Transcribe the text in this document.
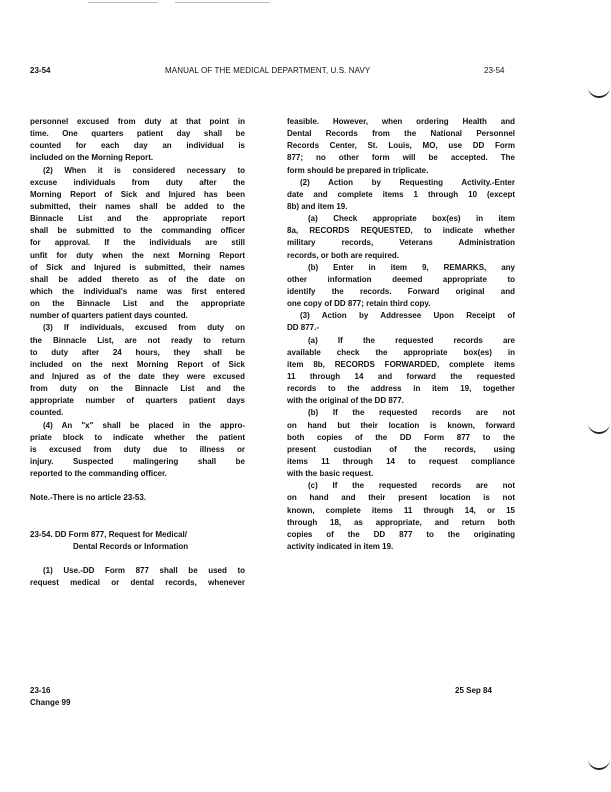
23-54	MANUAL OF THE MEDICAL DEPARTMENT, U.S. NAVY	23-54
personnel excused from duty at that point in
time. One quarters patient day shall be
counted for each day an individual is
included on the Morning Report.
(2) When it is considered necessary to
excuse individuals from duty after the
Morning Report of Sick and Injured has been
submitted, their names shall be added to the
Binnacle List and the appropriate report
shall be submitted to the commanding officer
for approval. If the individuals are still
unfit for duty when the next Morning Report
of Sick and Injured is submitted, their names
shall be added thereto as of the date on
which the individual's name was first entered
on the Binnacle List and the appropriate
number of quarters patient days counted.
(3) If individuals, excused from duty on
the Binnacle List, are not ready to return
to duty after 24 hours, they shall be
included on the next Morning Report of Sick
and Injured as of the date they were excused
from duty on the Binnacle List and the
appropriate number of quarters patient days
counted.
(4) An "x" shall be placed in the appro-
priate block to indicate whether the patient
is excused from duty due to illness or
injury. Suspected malingering shall be
reported to the commanding officer.
Note.-There is no article 23-53.
23-54. DD Form 877, Request for Medical/
Dental Records or Information
(1) Use.-DD Form 877 shall be used to
request medical or dental records, whenever
feasible. However, when ordering Health and
Dental Records from the National Personnel
Records Center, St. Louis, MO, use DD Form
877; no other form will be accepted. The
form should be prepared in triplicate.
(2) Action by Requesting Activity.-Enter
date and complete items 1 through 10 (except
8b) and item 19.
(a) Check appropriate box(es) in item
8a, RECORDS REQUESTED, to indicate whether
military records, Veterans Administration
records, or both are required.
(b) Enter in item 9, REMARKS, any
other information deemed appropriate to
identify the records. Forward original and
one copy of DD 877; retain third copy.
(3) Action by Addressee Upon Receipt of
DD 877.-
(a) If the requested records are
available check the appropriate box(es) in
item 8b, RECORDS FORWARDED, complete items
11 through 14 and forward the requested
records to the address in item 19, together
with the original of the DD 877.
(b) If the requested records are not
on hand but their location is known, forward
both copies of the DD Form 877 to the
present custodian of the records, using
items 11 through 14 to request compliance
with the basic request.
(c) If the requested records are not
on hand and their present location is not
known, complete items 11 through 14, or 15
through 18, as appropriate, and return both
copies of the DD 877 to the originating
activity indicated in item 19.
23-16
Change 99
25 Sep 84
